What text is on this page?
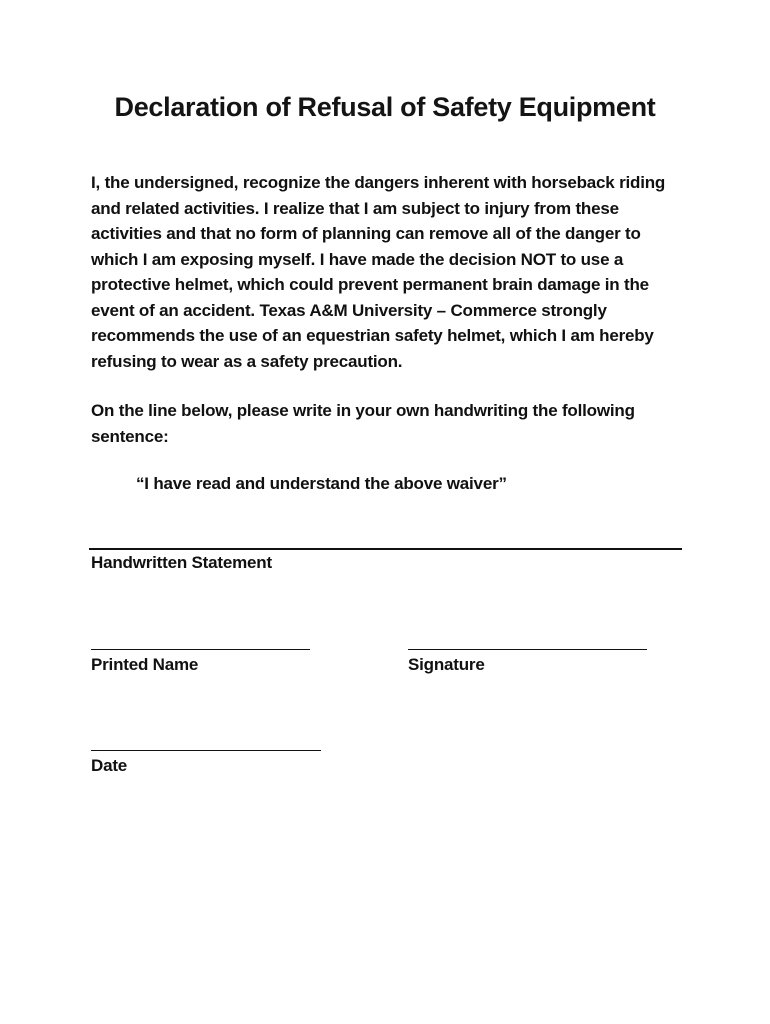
Declaration of Refusal of Safety Equipment
I, the undersigned, recognize the dangers inherent with horseback riding and related activities. I realize that I am subject to injury from these activities and that no form of planning can remove all of the danger to which I am exposing myself. I have made the decision NOT to use a protective helmet, which could prevent permanent brain damage in the event of an accident. Texas A&M University – Commerce strongly recommends the use of an equestrian safety helmet, which I am hereby refusing to wear as a safety precaution.
On the line below, please write in your own handwriting the following sentence:
“I have read and understand the above waiver”
Handwritten Statement
Printed Name	Signature
Date
